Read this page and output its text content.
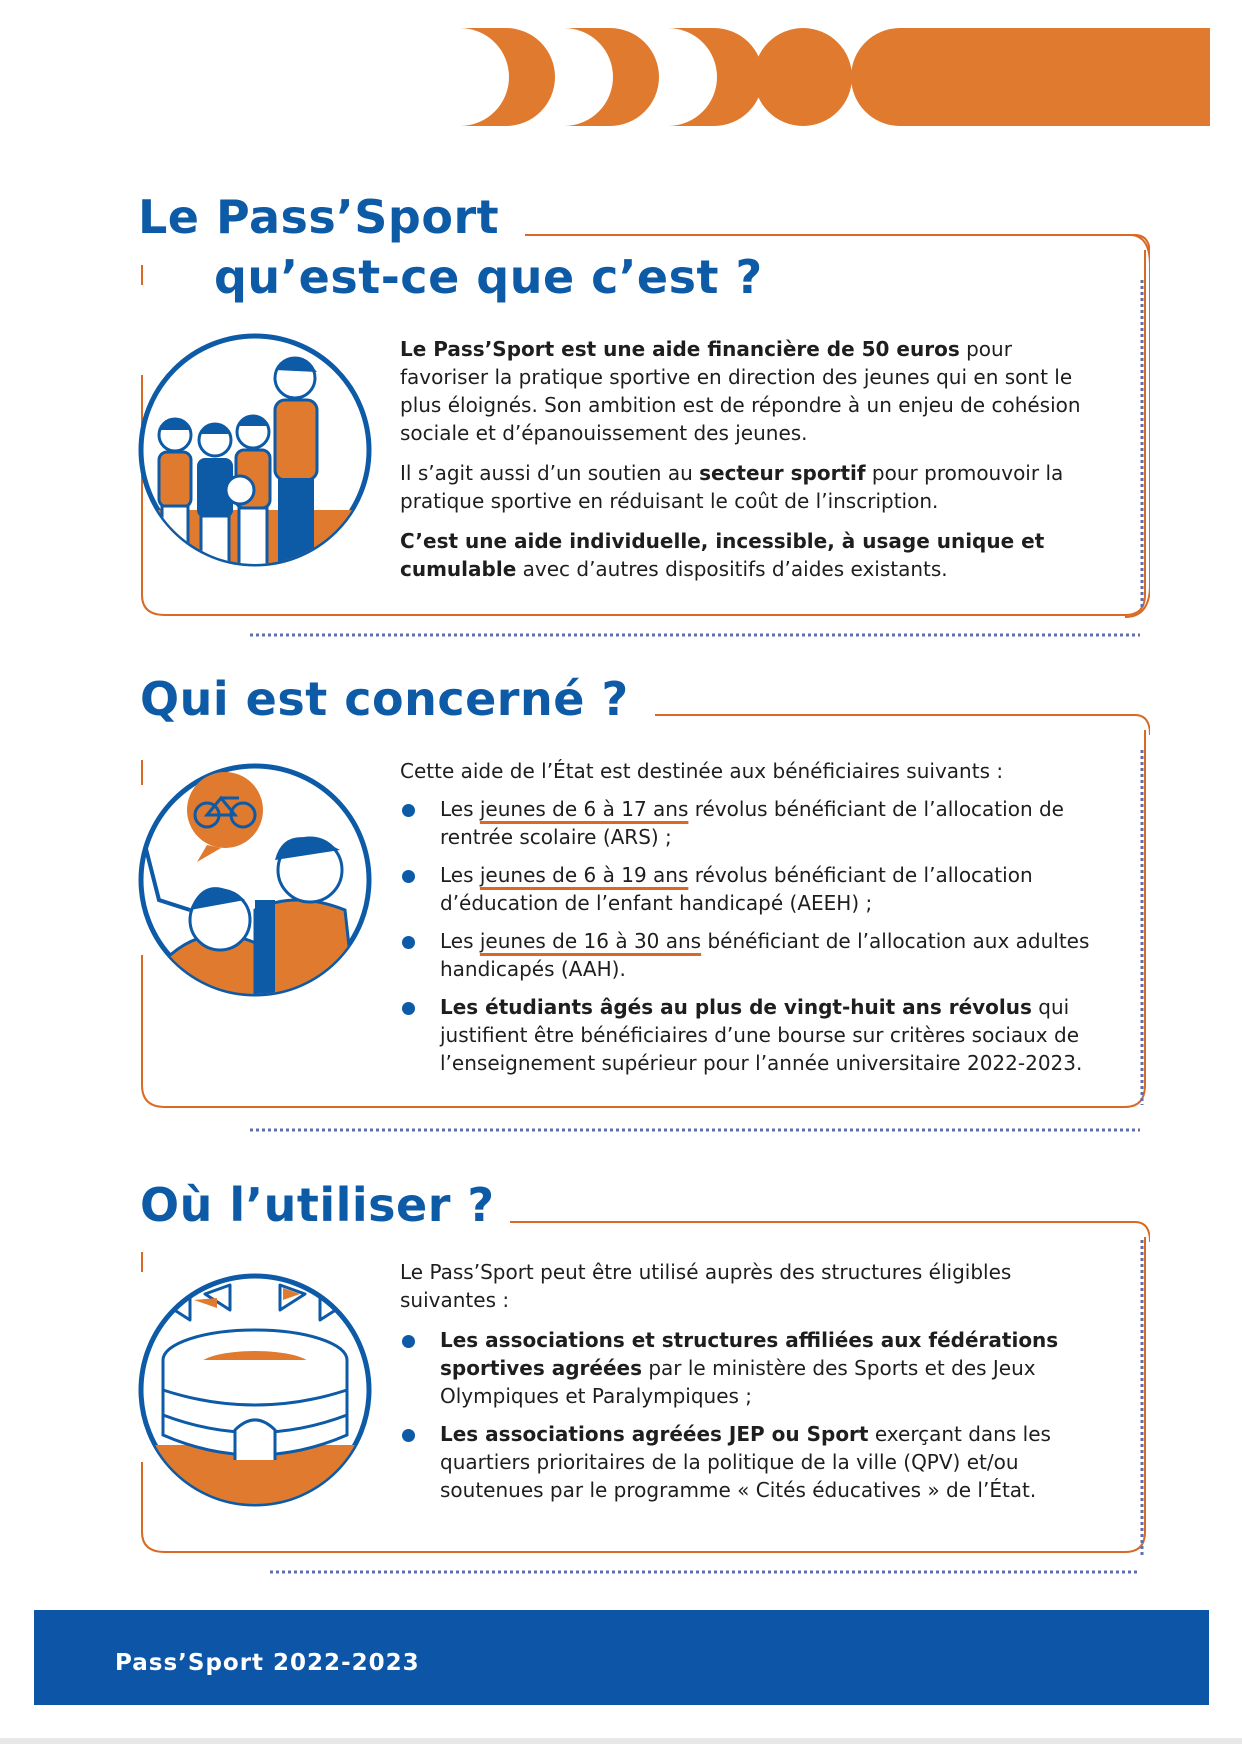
Le Pass’Sport
qu’est-ce que c’est ?

Le Pass’Sport est une aide financière de 50 euros pour favoriser la pratique sportive en direction des jeunes qui en sont le plus éloignés. Son ambition est de répondre à un enjeu de cohésion sociale et d’épanouissement des jeunes.

Il s’agit aussi d’un soutien au secteur sportif pour promouvoir la pratique sportive en réduisant le coût de l’inscription.

C’est une aide individuelle, incessible, à usage unique et cumulable avec d’autres dispositifs d’aides existants.

Qui est concerné ?

Cette aide de l’État est destinée aux bénéficiaires suivants :

Les jeunes de 6 à 17 ans révolus bénéficiant de l’allocation de rentrée scolaire (ARS) ;
Les jeunes de 6 à 19 ans révolus bénéficiant de l’allocation d’éducation de l’enfant handicapé (AEEH) ;
Les jeunes de 16 à 30 ans bénéficiant de l’allocation aux adultes handicapés (AAH).
Les étudiants âgés au plus de vingt-huit ans révolus qui justifient être bénéficiaires d’une bourse sur critères sociaux de l’enseignement supérieur pour l’année universitaire 2022-2023.
Où l’utiliser ?

Le Pass’Sport peut être utilisé auprès des structures éligibles suivantes :

Les associations et structures affiliées aux fédérations sportives agréées par le ministère des Sports et des Jeux Olympiques et Paralympiques ;
Les associations agréées JEP ou Sport exerçant dans les quartiers prioritaires de la politique de la ville (QPV) et/ou soutenues par le programme « Cités éducatives » de l’État.
Pass’Sport 2022-2023
